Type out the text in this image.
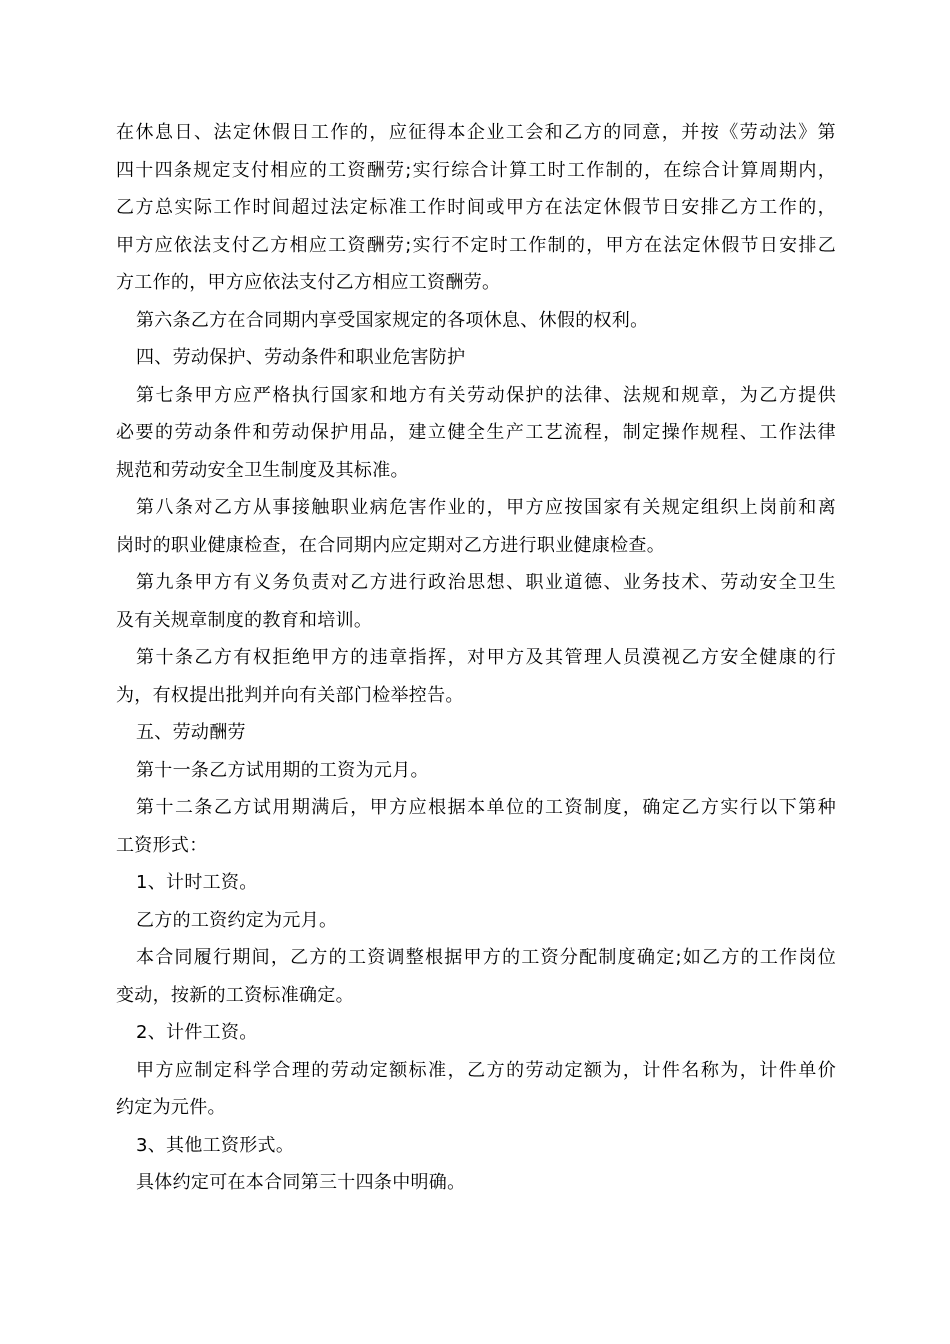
在休息日、法定休假日工作的，应征得本企业工会和乙方的同意，并按《劳动法》第
四十四条规定支付相应的工资酬劳;实行综合计算工时工作制的，在综合计算周期内，
乙方总实际工作时间超过法定标准工作时间或甲方在法定休假节日安排乙方工作的，
甲方应依法支付乙方相应工资酬劳;实行不定时工作制的，甲方在法定休假节日安排乙
方工作的，甲方应依法支付乙方相应工资酬劳。
第六条乙方在合同期内享受国家规定的各项休息、休假的权利。
四、劳动保护、劳动条件和职业危害防护
第七条甲方应严格执行国家和地方有关劳动保护的法律、法规和规章，为乙方提供
必要的劳动条件和劳动保护用品，建立健全生产工艺流程，制定操作规程、工作法律
规范和劳动安全卫生制度及其标准。
第八条对乙方从事接触职业病危害作业的，甲方应按国家有关规定组织上岗前和离
岗时的职业健康检查，在合同期内应定期对乙方进行职业健康检查。
第九条甲方有义务负责对乙方进行政治思想、职业道德、业务技术、劳动安全卫生
及有关规章制度的教育和培训。
第十条乙方有权拒绝甲方的违章指挥，对甲方及其管理人员漠视乙方安全健康的行
为，有权提出批判并向有关部门检举控告。
五、劳动酬劳
第十一条乙方试用期的工资为元月。
第十二条乙方试用期满后，甲方应根据本单位的工资制度，确定乙方实行以下第种
工资形式：
1、计时工资。
乙方的工资约定为元月。
本合同履行期间，乙方的工资调整根据甲方的工资分配制度确定;如乙方的工作岗位
变动，按新的工资标准确定。
2、计件工资。
甲方应制定科学合理的劳动定额标准，乙方的劳动定额为，计件名称为，计件单价
约定为元件。
3、其他工资形式。
具体约定可在本合同第三十四条中明确。
